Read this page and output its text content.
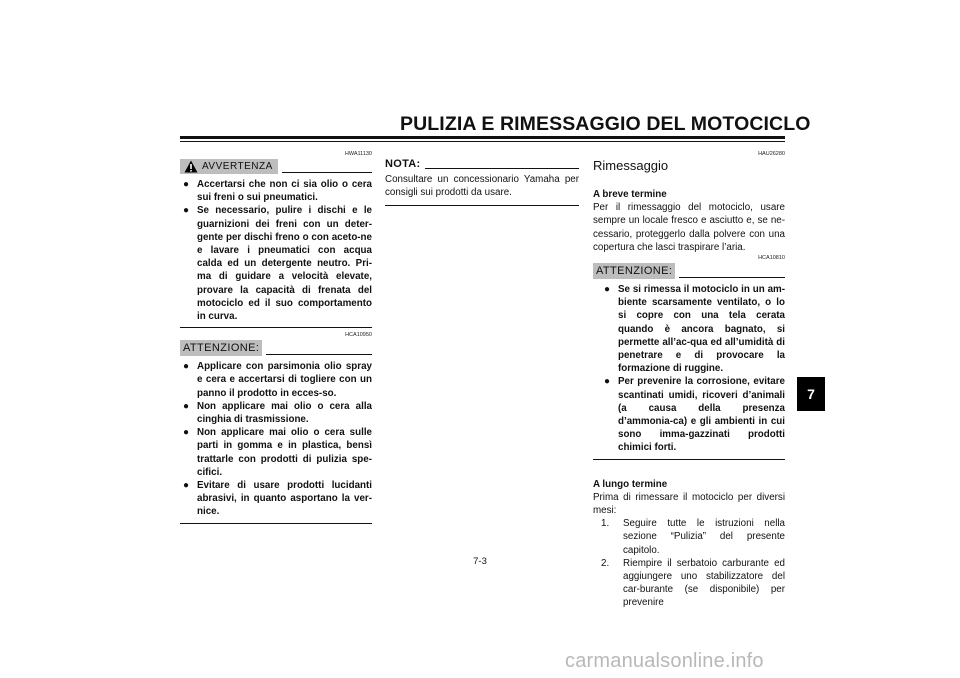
PULIZIA E RIMESSAGGIO DEL MOTOCICLO
7
HWA11130
AVVERTENZA
● Accertarsi che non ci sia olio o cera sui freni o sui pneumatici.
● Se necessario, pulire i dischi e le guarnizioni dei freni con un deter-gente per dischi freno o con aceto-ne e lavare i pneumatici con acqua calda ed un detergente neutro. Pri-ma di guidare a velocità elevate, provare la capacità di frenata del motociclo ed il suo comportamento in curva.
HCA10950
ATTENZIONE:
● Applicare con parsimonia olio spray e cera e accertarsi di togliere con un panno il prodotto in ecces-so.
● Non applicare mai olio o cera alla cinghia di trasmissione.
● Non applicare mai olio o cera sulle parti in gomma e in plastica, bensì trattarle con prodotti di pulizia spe-cifici.
● Evitare di usare prodotti lucidanti abrasivi, in quanto asportano la ver-nice.
NOTA:

Consultare un concessionario Yamaha per consigli sui prodotti da usare.

HAU26280
Rimessaggio
A breve termine

Per il rimessaggio del motociclo, usare sempre un locale fresco e asciutto e, se ne-cessario, proteggerlo dalla polvere con una copertura che lasci traspirare l’aria.

HCA10810
ATTENZIONE:
● Se si rimessa il motociclo in un am-biente scarsamente ventilato, o lo si copre con una tela cerata quando è ancora bagnato, si permette all’ac-qua ed all’umidità di penetrare e di provocare la formazione di ruggine.
● Per prevenire la corrosione, evitare scantinati umidi, ricoveri d’animali (a causa della presenza d’ammonia-ca) e gli ambienti in cui sono imma-gazzinati prodotti chimici forti.
A lungo termine

Prima di rimessare il motociclo per diversi mesi:

1. Seguire tutte le istruzioni nella sezione “Pulizia” del presente capitolo.
2. Riempire il serbatoio carburante ed aggiungere uno stabilizzatore del car-burante (se disponibile) per prevenire
7-3
carmanualsonline.info
